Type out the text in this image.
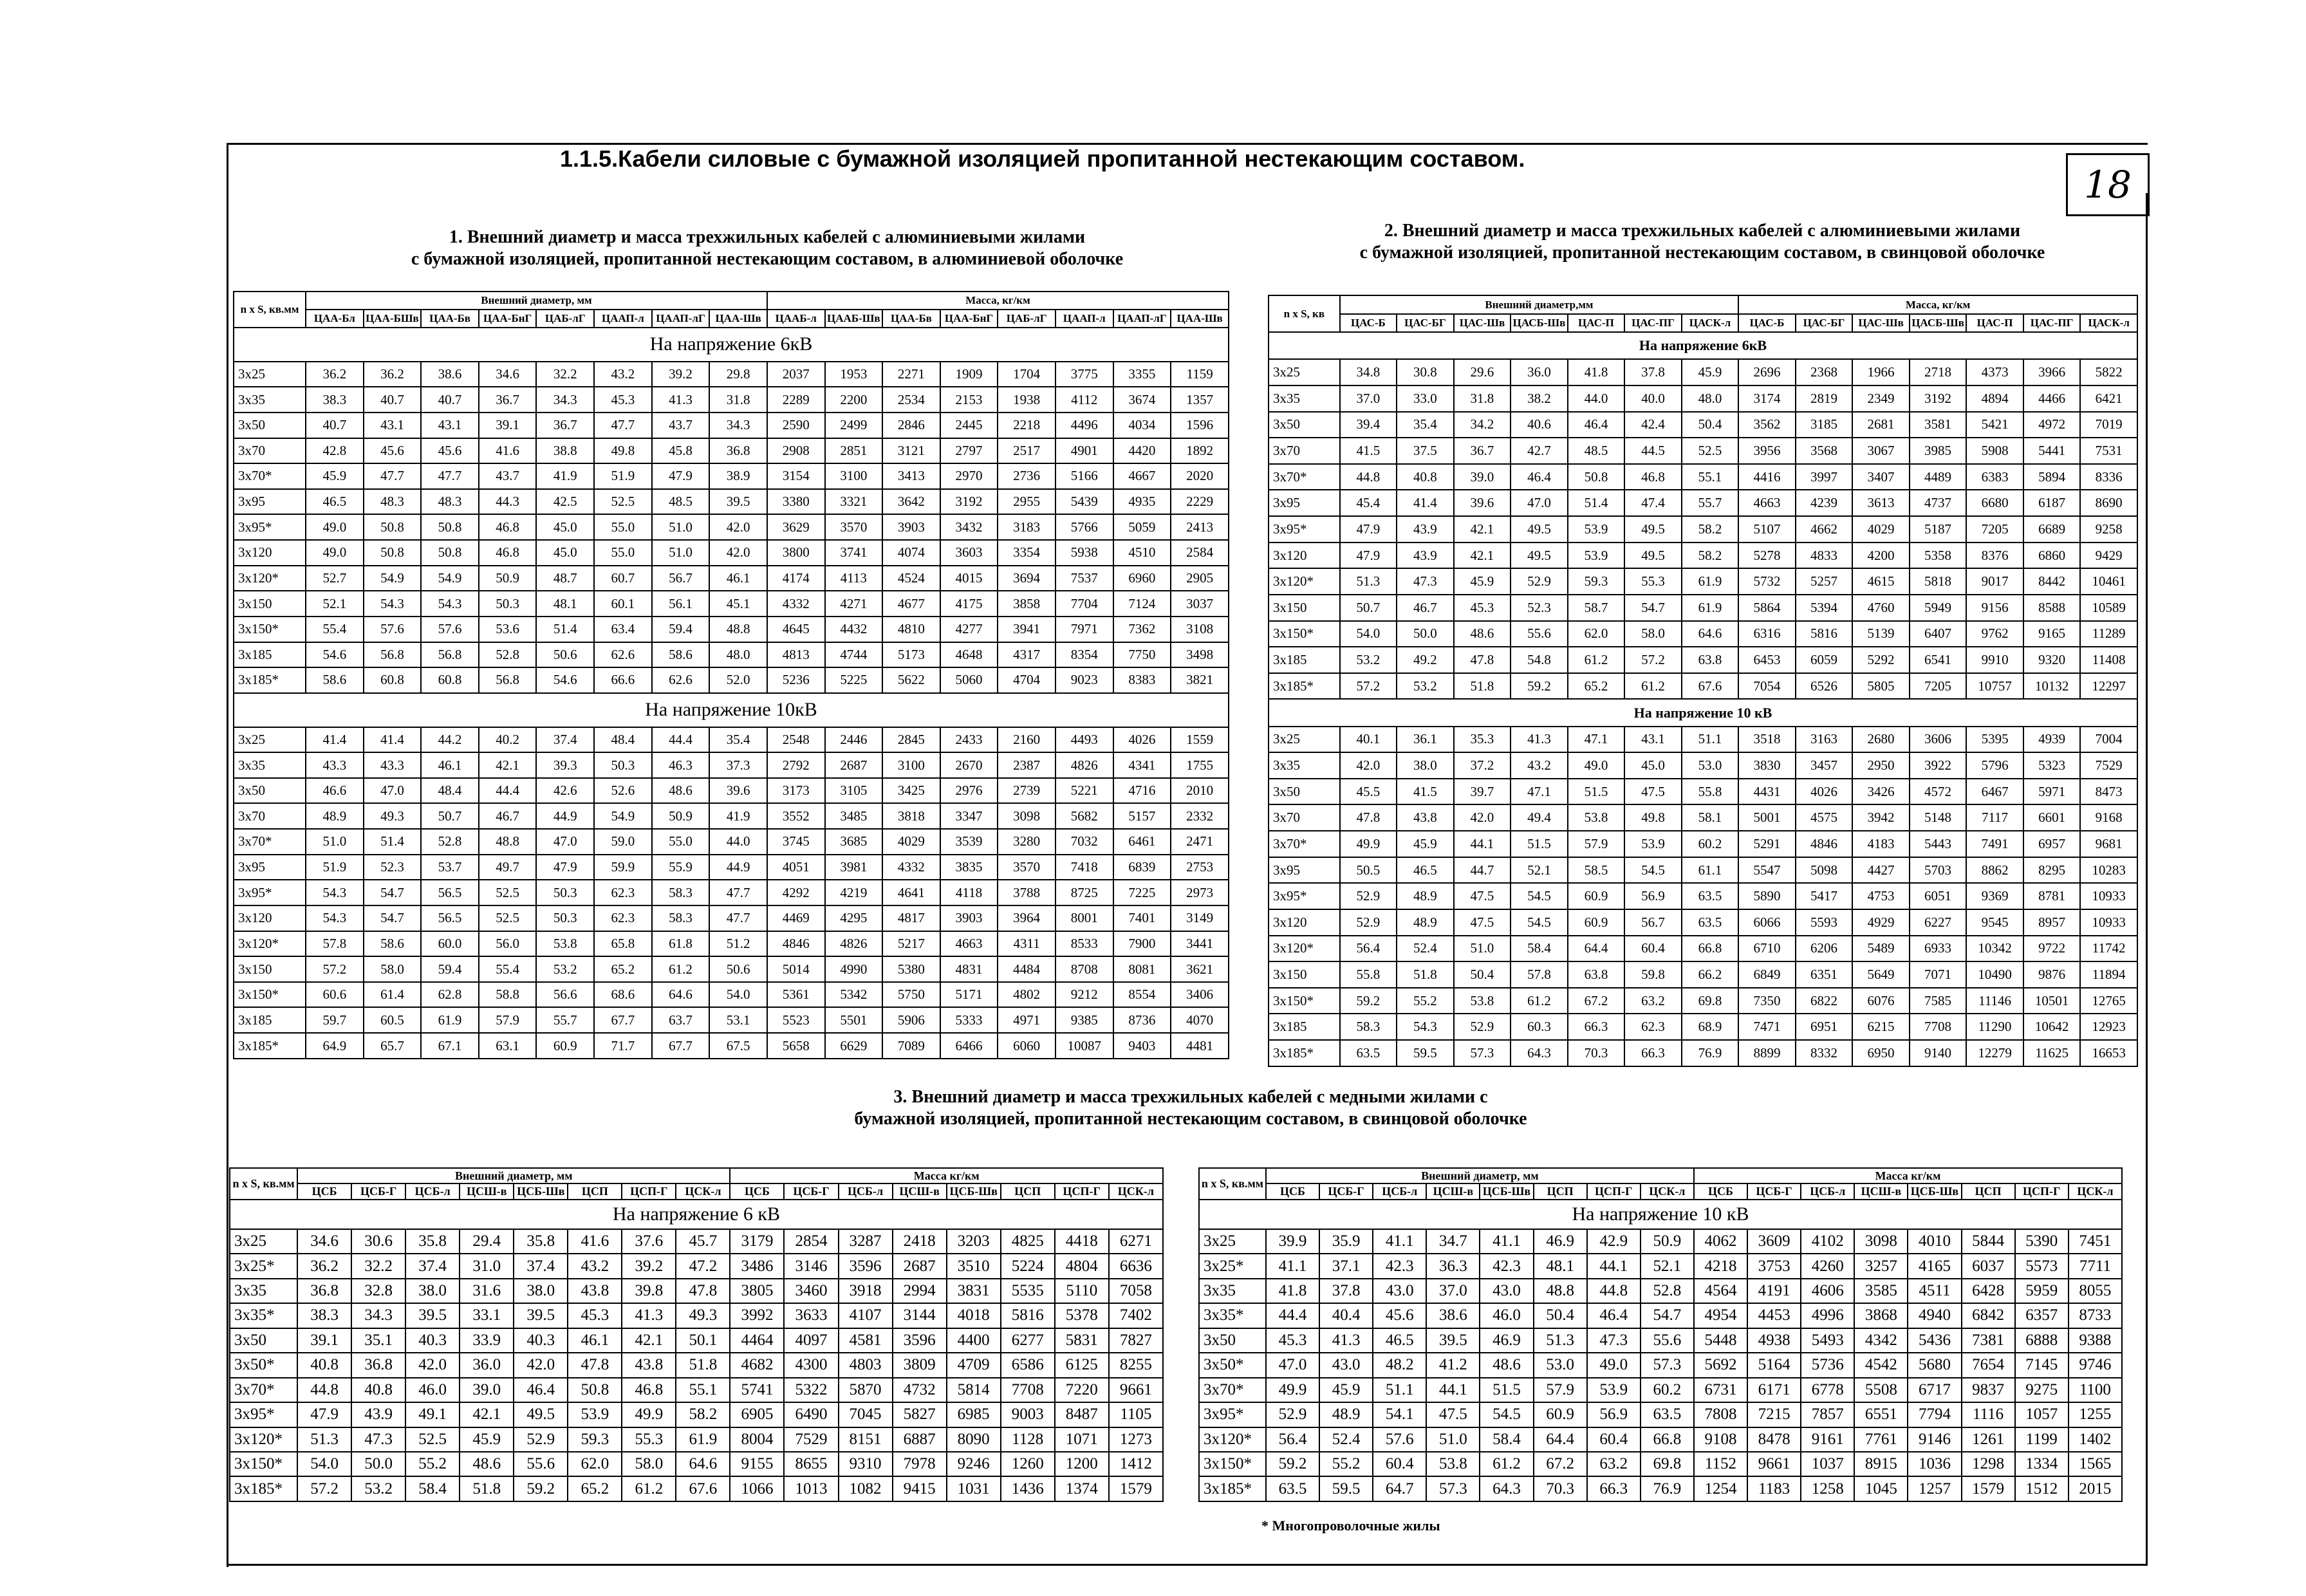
18
1.1.5.Кабели силовые с бумажной изоляцией пропитанной нестекающим составом.
1. Внешний диаметр и масса трехжильных кабелей с алюминиевыми жилами
с бумажной изоляцией, пропитанной нестекающим составом, в алюминиевой оболочке
2. Внешний диаметр и масса трехжильных кабелей с алюминиевыми жилами
с бумажной изоляцией, пропитанной нестекающим составом, в свинцовой оболочке
3. Внешний диаметр и масса трехжильных кабелей с медными жилами с
бумажной изоляцией, пропитанной нестекающим составом, в свинцовой оболочке
n x S, кв.мм	Внешний диаметр, мм								Масса, кг/км							
	ЦАА-Бл	ЦАА-БШв	ЦАА-Бв	ЦАА-БнГ	ЦАБ-лГ	ЦААП-л	ЦААП-лГ	ЦАА-Шв	ЦААБ-л	ЦААБ-Шв	ЦАА-Бв	ЦАА-БнГ	ЦАБ-лГ	ЦААП-л	ЦААП-лГ	ЦАА-Шв
На напряжение 6кВ																
3x25	36.2	36.2	38.6	34.6	32.2	43.2	39.2	29.8	2037	1953	2271	1909	1704	3775	3355	1159
3x35	38.3	40.7	40.7	36.7	34.3	45.3	41.3	31.8	2289	2200	2534	2153	1938	4112	3674	1357
3x50	40.7	43.1	43.1	39.1	36.7	47.7	43.7	34.3	2590	2499	2846	2445	2218	4496	4034	1596
3x70	42.8	45.6	45.6	41.6	38.8	49.8	45.8	36.8	2908	2851	3121	2797	2517	4901	4420	1892
3x70*	45.9	47.7	47.7	43.7	41.9	51.9	47.9	38.9	3154	3100	3413	2970	2736	5166	4667	2020
3x95	46.5	48.3	48.3	44.3	42.5	52.5	48.5	39.5	3380	3321	3642	3192	2955	5439	4935	2229
3x95*	49.0	50.8	50.8	46.8	45.0	55.0	51.0	42.0	3629	3570	3903	3432	3183	5766	5059	2413
3x120	49.0	50.8	50.8	46.8	45.0	55.0	51.0	42.0	3800	3741	4074	3603	3354	5938	4510	2584
3x120*	52.7	54.9	54.9	50.9	48.7	60.7	56.7	46.1	4174	4113	4524	4015	3694	7537	6960	2905
3x150	52.1	54.3	54.3	50.3	48.1	60.1	56.1	45.1	4332	4271	4677	4175	3858	7704	7124	3037
3x150*	55.4	57.6	57.6	53.6	51.4	63.4	59.4	48.8	4645	4432	4810	4277	3941	7971	7362	3108
3x185	54.6	56.8	56.8	52.8	50.6	62.6	58.6	48.0	4813	4744	5173	4648	4317	8354	7750	3498
3x185*	58.6	60.8	60.8	56.8	54.6	66.6	62.6	52.0	5236	5225	5622	5060	4704	9023	8383	3821
На напряжение 10кВ																
3x25	41.4	41.4	44.2	40.2	37.4	48.4	44.4	35.4	2548	2446	2845	2433	2160	4493	4026	1559
3x35	43.3	43.3	46.1	42.1	39.3	50.3	46.3	37.3	2792	2687	3100	2670	2387	4826	4341	1755
3x50	46.6	47.0	48.4	44.4	42.6	52.6	48.6	39.6	3173	3105	3425	2976	2739	5221	4716	2010
3x70	48.9	49.3	50.7	46.7	44.9	54.9	50.9	41.9	3552	3485	3818	3347	3098	5682	5157	2332
3x70*	51.0	51.4	52.8	48.8	47.0	59.0	55.0	44.0	3745	3685	4029	3539	3280	7032	6461	2471
3x95	51.9	52.3	53.7	49.7	47.9	59.9	55.9	44.9	4051	3981	4332	3835	3570	7418	6839	2753
3x95*	54.3	54.7	56.5	52.5	50.3	62.3	58.3	47.7	4292	4219	4641	4118	3788	8725	7225	2973
3x120	54.3	54.7	56.5	52.5	50.3	62.3	58.3	47.7	4469	4295	4817	3903	3964	8001	7401	3149
3x120*	57.8	58.6	60.0	56.0	53.8	65.8	61.8	51.2	4846	4826	5217	4663	4311	8533	7900	3441
3x150	57.2	58.0	59.4	55.4	53.2	65.2	61.2	50.6	5014	4990	5380	4831	4484	8708	8081	3621
3x150*	60.6	61.4	62.8	58.8	56.6	68.6	64.6	54.0	5361	5342	5750	5171	4802	9212	8554	3406
3x185	59.7	60.5	61.9	57.9	55.7	67.7	63.7	53.1	5523	5501	5906	5333	4971	9385	8736	4070
3x185*	64.9	65.7	67.1	63.1	60.9	71.7	67.7	67.5	5658	6629	7089	6466	6060	10087	9403	4481
n x S, кв	Внешний диаметр,мм							Масса, кг/км						
	ЦАС-Б	ЦАС-БГ	ЦАС-Шв	ЦАСБ-Шв	ЦАС-П	ЦАС-ПГ	ЦАСК-л	ЦАС-Б	ЦАС-БГ	ЦАС-Шв	ЦАСБ-Шв	ЦАС-П	ЦАС-ПГ	ЦАСК-л
На напряжение 6кВ														
3x25	34.8	30.8	29.6	36.0	41.8	37.8	45.9	2696	2368	1966	2718	4373	3966	5822
3x35	37.0	33.0	31.8	38.2	44.0	40.0	48.0	3174	2819	2349	3192	4894	4466	6421
3x50	39.4	35.4	34.2	40.6	46.4	42.4	50.4	3562	3185	2681	3581	5421	4972	7019
3x70	41.5	37.5	36.7	42.7	48.5	44.5	52.5	3956	3568	3067	3985	5908	5441	7531
3x70*	44.8	40.8	39.0	46.4	50.8	46.8	55.1	4416	3997	3407	4489	6383	5894	8336
3x95	45.4	41.4	39.6	47.0	51.4	47.4	55.7	4663	4239	3613	4737	6680	6187	8690
3x95*	47.9	43.9	42.1	49.5	53.9	49.5	58.2	5107	4662	4029	5187	7205	6689	9258
3x120	47.9	43.9	42.1	49.5	53.9	49.5	58.2	5278	4833	4200	5358	8376	6860	9429
3x120*	51.3	47.3	45.9	52.9	59.3	55.3	61.9	5732	5257	4615	5818	9017	8442	10461
3x150	50.7	46.7	45.3	52.3	58.7	54.7	61.9	5864	5394	4760	5949	9156	8588	10589
3x150*	54.0	50.0	48.6	55.6	62.0	58.0	64.6	6316	5816	5139	6407	9762	9165	11289
3x185	53.2	49.2	47.8	54.8	61.2	57.2	63.8	6453	6059	5292	6541	9910	9320	11408
3x185*	57.2	53.2	51.8	59.2	65.2	61.2	67.6	7054	6526	5805	7205	10757	10132	12297
На напряжение 10 кВ														
3x25	40.1	36.1	35.3	41.3	47.1	43.1	51.1	3518	3163	2680	3606	5395	4939	7004
3x35	42.0	38.0	37.2	43.2	49.0	45.0	53.0	3830	3457	2950	3922	5796	5323	7529
3x50	45.5	41.5	39.7	47.1	51.5	47.5	55.8	4431	4026	3426	4572	6467	5971	8473
3x70	47.8	43.8	42.0	49.4	53.8	49.8	58.1	5001	4575	3942	5148	7117	6601	9168
3x70*	49.9	45.9	44.1	51.5	57.9	53.9	60.2	5291	4846	4183	5443	7491	6957	9681
3x95	50.5	46.5	44.7	52.1	58.5	54.5	61.1	5547	5098	4427	5703	8862	8295	10283
3x95*	52.9	48.9	47.5	54.5	60.9	56.9	63.5	5890	5417	4753	6051	9369	8781	10933
3x120	52.9	48.9	47.5	54.5	60.9	56.7	63.5	6066	5593	4929	6227	9545	8957	10933
3x120*	56.4	52.4	51.0	58.4	64.4	60.4	66.8	6710	6206	5489	6933	10342	9722	11742
3x150	55.8	51.8	50.4	57.8	63.8	59.8	66.2	6849	6351	5649	7071	10490	9876	11894
3x150*	59.2	55.2	53.8	61.2	67.2	63.2	69.8	7350	6822	6076	7585	11146	10501	12765
3x185	58.3	54.3	52.9	60.3	66.3	62.3	68.9	7471	6951	6215	7708	11290	10642	12923
3x185*	63.5	59.5	57.3	64.3	70.3	66.3	76.9	8899	8332	6950	9140	12279	11625	16653
n x S, кв.мм	Внешний диаметр, мм								Масса кг/км							
	ЦСБ	ЦСБ-Г	ЦСБ-л	ЦСШ-в	ЦСБ-Шв	ЦСП	ЦСП-Г	ЦСК-л	ЦСБ	ЦСБ-Г	ЦСБ-л	ЦСШ-в	ЦСБ-Шв	ЦСП	ЦСП-Г	ЦСК-л
На напряжение 6 кВ																
3x25	34.6	30.6	35.8	29.4	35.8	41.6	37.6	45.7	3179	2854	3287	2418	3203	4825	4418	6271
3x25*	36.2	32.2	37.4	31.0	37.4	43.2	39.2	47.2	3486	3146	3596	2687	3510	5224	4804	6636
3x35	36.8	32.8	38.0	31.6	38.0	43.8	39.8	47.8	3805	3460	3918	2994	3831	5535	5110	7058
3x35*	38.3	34.3	39.5	33.1	39.5	45.3	41.3	49.3	3992	3633	4107	3144	4018	5816	5378	7402
3x50	39.1	35.1	40.3	33.9	40.3	46.1	42.1	50.1	4464	4097	4581	3596	4400	6277	5831	7827
3x50*	40.8	36.8	42.0	36.0	42.0	47.8	43.8	51.8	4682	4300	4803	3809	4709	6586	6125	8255
3x70*	44.8	40.8	46.0	39.0	46.4	50.8	46.8	55.1	5741	5322	5870	4732	5814	7708	7220	9661
3x95*	47.9	43.9	49.1	42.1	49.5	53.9	49.9	58.2	6905	6490	7045	5827	6985	9003	8487	1105
3x120*	51.3	47.3	52.5	45.9	52.9	59.3	55.3	61.9	8004	7529	8151	6887	8090	1128	1071	1273
3x150*	54.0	50.0	55.2	48.6	55.6	62.0	58.0	64.6	9155	8655	9310	7978	9246	1260	1200	1412
3x185*	57.2	53.2	58.4	51.8	59.2	65.2	61.2	67.6	1066	1013	1082	9415	1031	1436	1374	1579
n x S, кв.мм	Внешний диаметр, мм								Масса кг/км							
	ЦСБ	ЦСБ-Г	ЦСБ-л	ЦСШ-в	ЦСБ-Шв	ЦСП	ЦСП-Г	ЦСК-л	ЦСБ	ЦСБ-Г	ЦСБ-л	ЦСШ-в	ЦСБ-Шв	ЦСП	ЦСП-Г	ЦСК-л
На напряжение 10 кВ																
3x25	39.9	35.9	41.1	34.7	41.1	46.9	42.9	50.9	4062	3609	4102	3098	4010	5844	5390	7451
3x25*	41.1	37.1	42.3	36.3	42.3	48.1	44.1	52.1	4218	3753	4260	3257	4165	6037	5573	7711
3x35	41.8	37.8	43.0	37.0	43.0	48.8	44.8	52.8	4564	4191	4606	3585	4511	6428	5959	8055
3x35*	44.4	40.4	45.6	38.6	46.0	50.4	46.4	54.7	4954	4453	4996	3868	4940	6842	6357	8733
3x50	45.3	41.3	46.5	39.5	46.9	51.3	47.3	55.6	5448	4938	5493	4342	5436	7381	6888	9388
3x50*	47.0	43.0	48.2	41.2	48.6	53.0	49.0	57.3	5692	5164	5736	4542	5680	7654	7145	9746
3x70*	49.9	45.9	51.1	44.1	51.5	57.9	53.9	60.2	6731	6171	6778	5508	6717	9837	9275	1100
3x95*	52.9	48.9	54.1	47.5	54.5	60.9	56.9	63.5	7808	7215	7857	6551	7794	1116	1057	1255
3x120*	56.4	52.4	57.6	51.0	58.4	64.4	60.4	66.8	9108	8478	9161	7761	9146	1261	1199	1402
3x150*	59.2	55.2	60.4	53.8	61.2	67.2	63.2	69.8	1152	9661	1037	8915	1036	1298	1334	1565
3x185*	63.5	59.5	64.7	57.3	64.3	70.3	66.3	76.9	1254	1183	1258	1045	1257	1579	1512	2015
* Многопроволочные жилы
